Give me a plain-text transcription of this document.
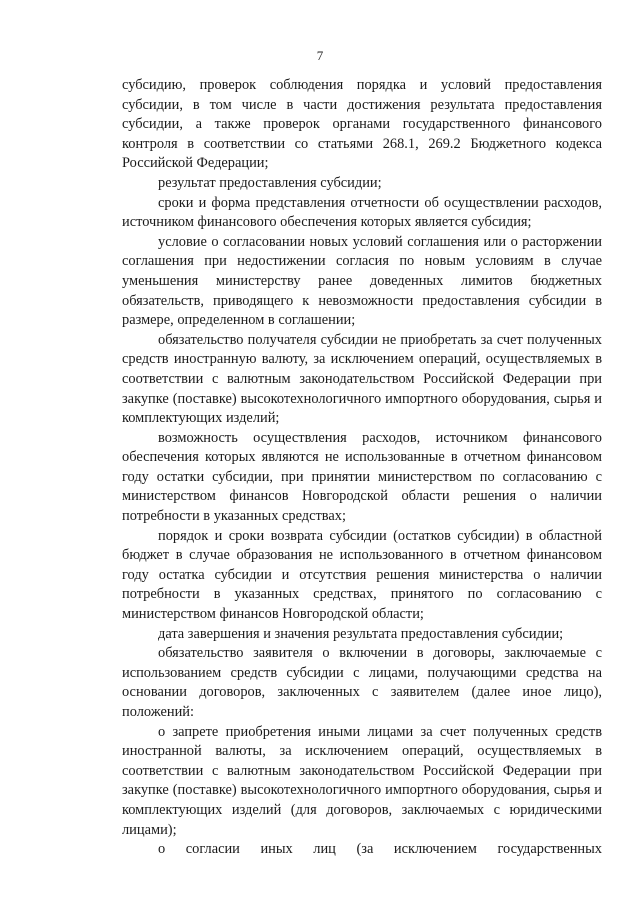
7

субсидию, проверок соблюдения порядка и условий предоставления субсидии, в том числе в части достижения результата предоставления субсидии, а также проверок органами государственного финансового контроля в соответствии со статьями 268.1, 269.2 Бюджетного кодекса Российской Федерации;

результат предоставления субсидии;

сроки и форма представления отчетности об осуществлении расходов, источником финансового обеспечения которых является субсидия;

условие о согласовании новых условий соглашения или о расторжении соглашения при недостижении согласия по новым условиям в случае уменьшения министерству ранее доведенных лимитов бюджетных обязательств, приводящего к невозможности предоставления субсидии в размере, определенном в соглашении;

обязательство получателя субсидии не приобретать за счет полученных средств иностранную валюту, за исключением операций, осуществляемых в соответствии с валютным законодательством Российской Федерации при закупке (поставке) высокотехнологичного импортного оборудования, сырья и комплектующих изделий;

возможность осуществления расходов, источником финансового обеспечения которых являются не использованные в отчетном финансовом году остатки субсидии, при принятии министерством по согласованию с министерством финансов Новгородской области решения о наличии потребности в указанных средствах;

порядок и сроки возврата субсидии (остатков субсидии) в областной бюджет в случае образования не использованного в отчетном финансовом году остатка субсидии и отсутствия решения министерства о наличии потребности в указанных средствах, принятого по согласованию с министерством финансов Новгородской области;

дата завершения и значения результата предоставления субсидии;

обязательство заявителя о включении в договоры, заключаемые с использованием средств субсидии с лицами, получающими средства на основании договоров, заключенных с заявителем (далее иное лицо), положений:

о запрете приобретения иными лицами за счет полученных средств иностранной валюты, за исключением операций, осуществляемых в соответствии с валютным законодательством Российской Федерации при закупке (поставке) высокотехнологичного импортного оборудования, сырья и комплектующих изделий (для договоров, заключаемых с юридическими лицами);

о согласии иных лиц (за исключением государственных
